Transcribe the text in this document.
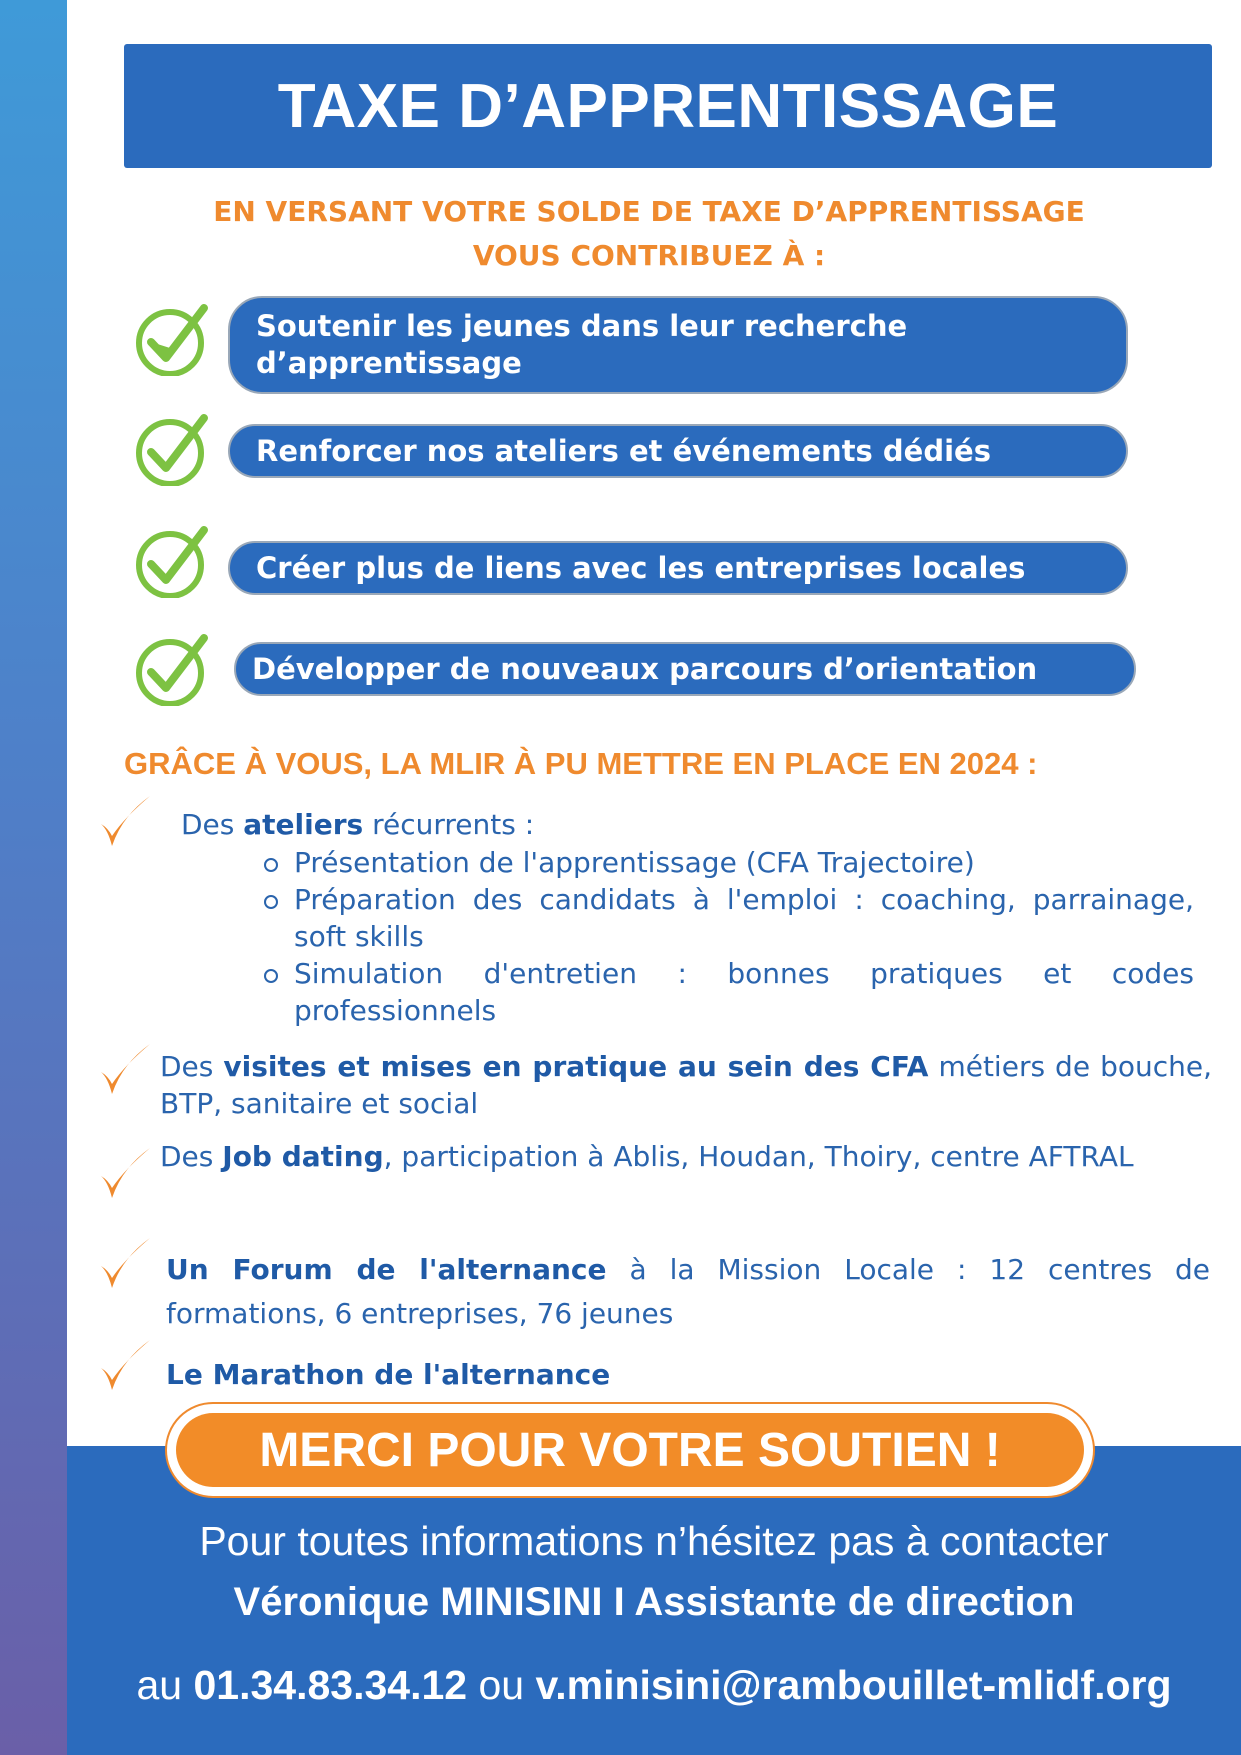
TAXE D’APPRENTISSAGE
EN VERSANT VOTRE SOLDE DE TAXE D’APPRENTISSAGE
VOUS CONTRIBUEZ À :
Soutenir les jeunes dans leur recherche
d’apprentissage
Renforcer nos ateliers et événements dédiés
Créer plus de liens avec les entreprises locales
Développer de nouveaux parcours d’orientation
GRÂCE À VOUS, LA MLIR À PU METTRE EN PLACE EN 2024 :
Des ateliers récurrents :
Présentation de l'apprentissage (CFA Trajectoire)
Préparation des candidats à l'emploi : coaching, parrainage, soft skills
Simulation d'entretien : bonnes pratiques et codes professionnels
Des visites et mises en pratique au sein des CFA métiers de bouche, BTP, sanitaire et social
Des Job dating, participation à Ablis, Houdan, Thoiry, centre AFTRAL
Un Forum de l'alternance à la Mission Locale : 12 centres de formations, 6 entreprises, 76 jeunes
Le Marathon de l'alternance
MERCI POUR VOTRE SOUTIEN !
Pour toutes informations n’hésitez pas à contacter
Véronique MINISINI I Assistante de direction
au 01.34.83.34.12 ou v.minisini@rambouillet-mlidf.org
